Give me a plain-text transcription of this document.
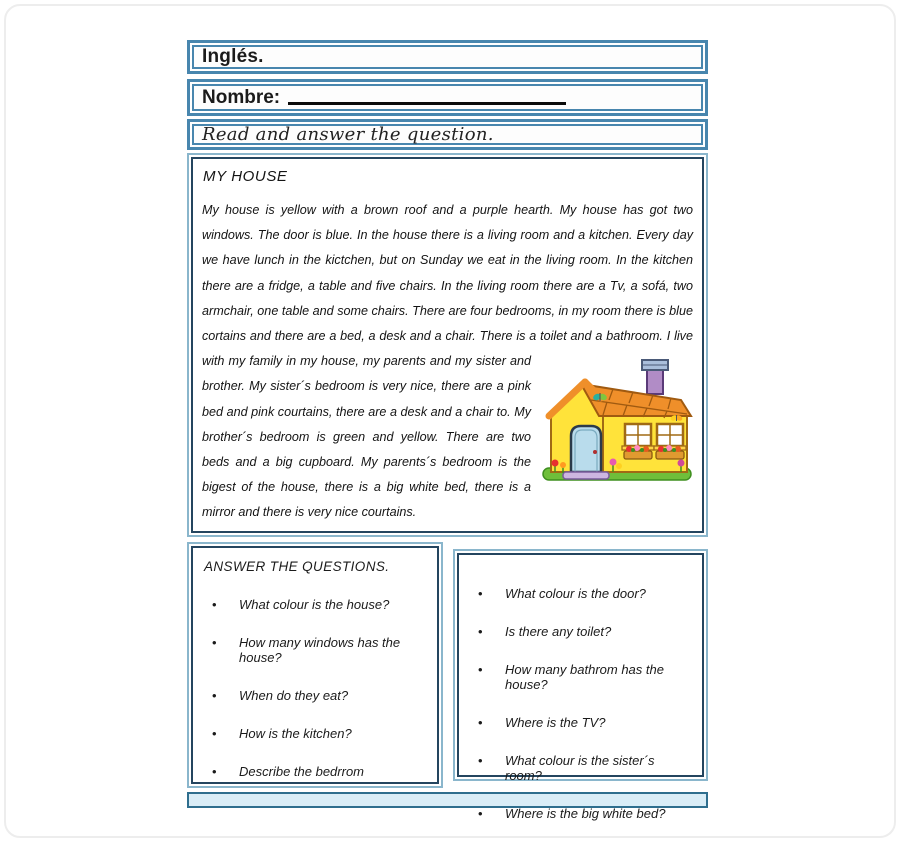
Inglés.
Nombre:
Read and answer the question.
MY HOUSE

My house is yellow with a brown roof and a purple hearth. My house has got two windows. The door is blue. In the house there is a living room and a kitchen. Every day we have lunch in the kictchen, but on Sunday we eat in the living room. In the kitchen there are a fridge, a table and five chairs. In the living room there are a Tv, a sofá, two armchair, one table and some chairs. There are four bedrooms, in my room there is blue cortains and there are a bed, a desk and a chair. There is a toilet and a bathroom. I live with my family in my house, my parents and my sister and brother. My sister´s bedroom is very nice, there are a pink bed and pink courtains, there are a desk and a chair to. My brother´s bedroom is green and yellow. There are two beds and a big cupboard. My parents´s bedroom is the bigest of the house, there is a big white bed, there is a mirror and there is very nice courtains.

ANSWER THE QUESTIONS.
•	What colour is the house?
•	How many windows has the house?
•	When do they eat?
•	How is the kitchen?
•	Describe the bedrrom
•	What colour is the door?
•	Is there any toilet?
•	How many bathrom has the house?
•	Where is the TV?
•	What colour is the sister´s room?
•	Where is the big white bed?
